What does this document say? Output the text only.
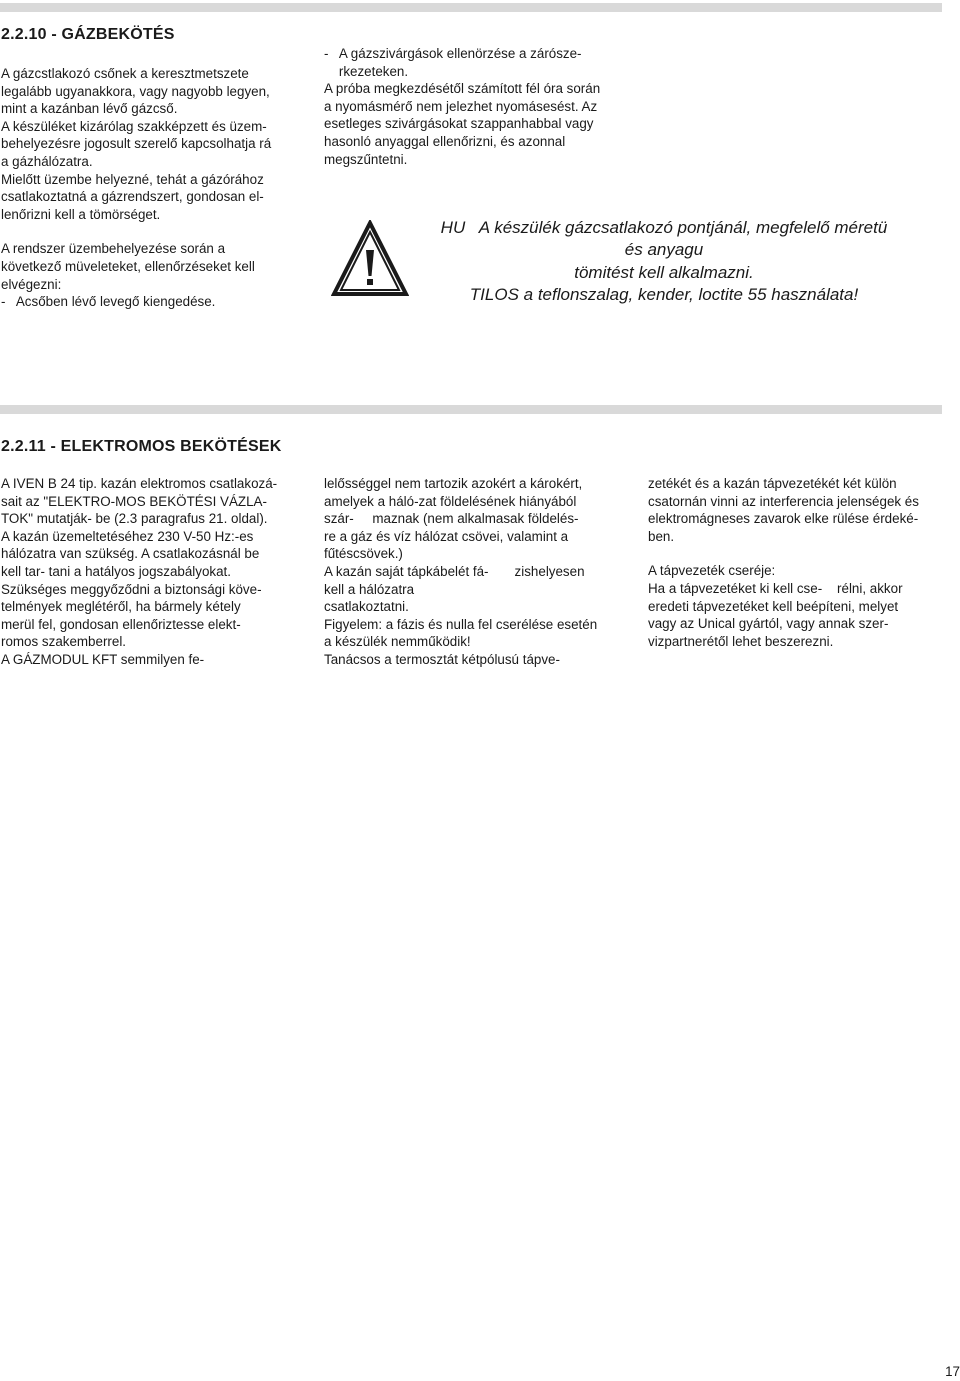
2.2.10 - GÁZBEKÖTÉS

A gázcstlakozó csőnek a keresztmetszete

legalább ugyanakkora, vagy nagyobb legyen,

mint a kazánban lévő gázcső.

A készüléket kizárólag szakképzett és üzem-

behelyezésre jogosult szerelő kapcsolhatja rá

a gázhálózatra.

Mielőtt üzembe helyezné, tehát a gázórához

csatlakoztatná a gázrendszert, gondosan el-

lenőrizni kell a tömörséget.

A rendszer üzembehelyezése során a

következő müveleteket, ellenőrzéseket kell

elvégezni:

-   Acsőben lévő levegő kiengedése.

-   A gázszivárgások ellenörzése a zárósze-

rkezeteken.

A próba megkezdésétől számított fél óra során

a nyomásmérő nem jelezhet nyomásesést. Az

esetleges szivárgásokat szappanhabbal vagy

hasonló anyaggal ellenőrizni, és azonnal

megszűntetni.

HU   A készülék gázcsatlakozó pontjánál, megfelelő méretü

és anyagu

tömitést kell alkalmazni.

TILOS a teflonszalag, kender, loctite 55 használata!

2.2.11 - ELEKTROMOS BEKÖTÉSEK

A IVEN B 24 tip. kazán elektromos csatlakozá-

sait az "ELEKTRO-MOS BEKÖTÉSI VÁZLA-

TOK" mutatják- be (2.3 paragrafus 21. oldal).

A kazán üzemeltetéséhez 230 V-50 Hz:-es

hálózatra van szükség. A csatlakozásnál be

kell tar- tani a hatályos jogszabályokat.

Szükséges meggyőződni a biztonsági köve-

telmények meglétéről, ha bármely kétely

merül fel, gondosan ellenőriztesse elekt-

romos szakemberrel.

A GÁZMODUL KFT semmilyen fe-

lelősséggel nem tartozik azokért a károkért,

amelyek a háló-zat földelésének hiányából

szár-     maznak (nem alkalmasak földelés-

re a gáz és víz hálózat csövei, valamint a

fűtéscsövek.)

A kazán saját tápkábelét fá-       zishelyesen

kell a hálózatra

csatlakoztatni.

Figyelem: a fázis és nulla fel cserélése esetén

a készülék nemműködik!

Tanácsos a termosztát kétpólusú tápve-

zetékét és a kazán tápvezetékét két külön

csatornán vinni az interferencia jelenségek és

elektromágneses zavarok elke rülése érdeké-

ben.

A tápvezeték cseréje:

Ha a tápvezetéket ki kell cse-    rélni, akkor

eredeti tápvezetéket kell beépíteni, melyet

vagy az Unical gyártól, vagy annak szer-

vizpartnerétől lehet beszerezni.

17
